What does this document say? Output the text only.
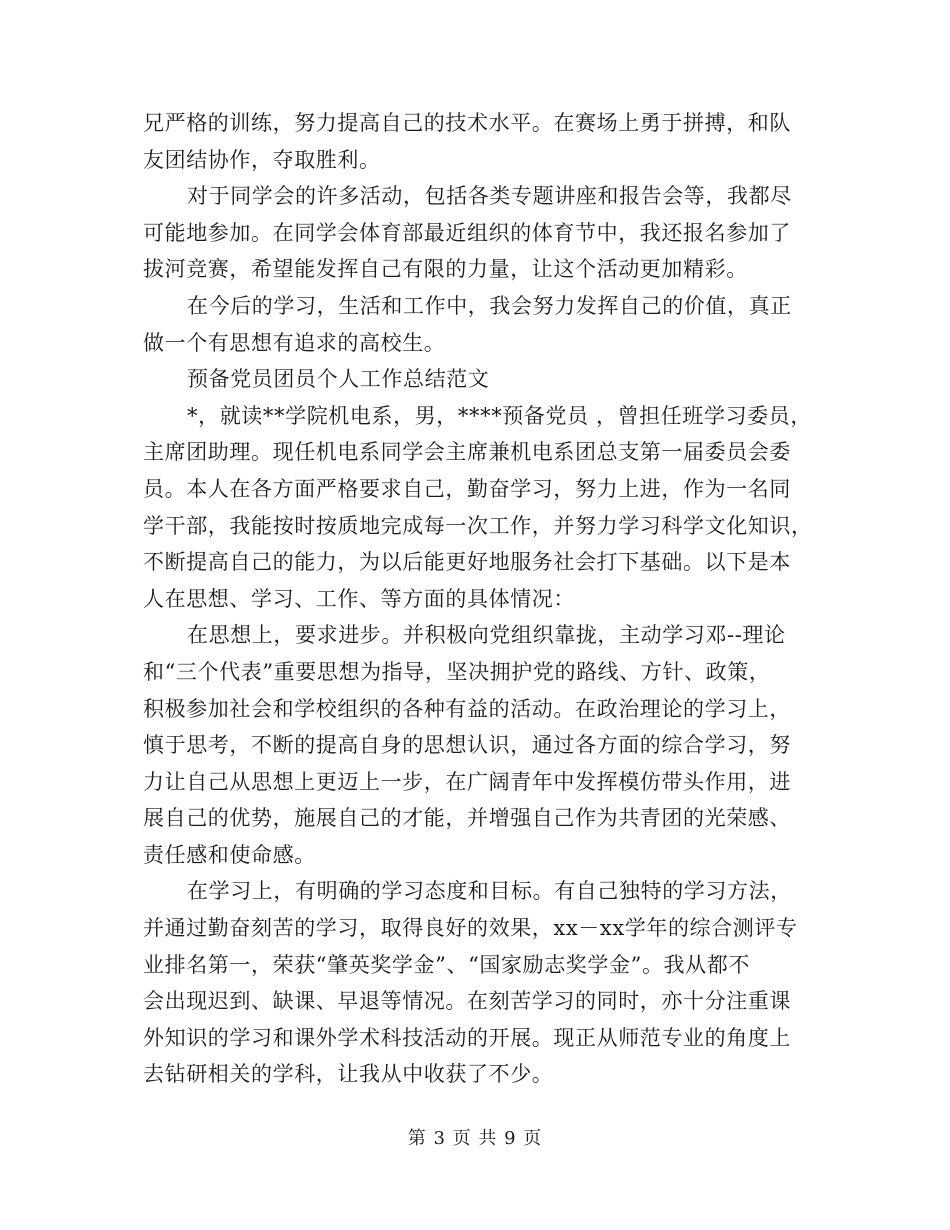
兄严格的训练，努力提高自己的技术水平。在赛场上勇于拼搏，和队
友团结协作，夺取胜利。
对于同学会的许多活动，包括各类专题讲座和报告会等，我都尽
可能地参加。在同学会体育部最近组织的体育节中，我还报名参加了
拔河竞赛，希望能发挥自己有限的力量，让这个活动更加精彩。
在今后的学习，生活和工作中，我会努力发挥自己的价值，真正
做一个有思想有追求的高校生。
预备党员团员个人工作总结范文
*，就读**学院机电系，男，****预备党员 ，曾担任班学习委员，
主席团助理。现任机电系同学会主席兼机电系团总支第一届委员会委
员。本人在各方面严格要求自己，勤奋学习，努力上进，作为一名同
学干部，我能按时按质地完成每一次工作，并努力学习科学文化知识，
不断提高自己的能力，为以后能更好地服务社会打下基础。以下是本
人在思想、学习、工作、等方面的具体情况：
在思想上，要求进步。并积极向党组织靠拢，主动学习邓--理论
和“三个代表”重要思想为指导，坚决拥护党的路线、方针、政策，
积极参加社会和学校组织的各种有益的活动。在政治理论的学习上，
慎于思考，不断的提高自身的思想认识，通过各方面的综合学习，努
力让自己从思想上更迈上一步，在广阔青年中发挥模仿带头作用，进
展自己的优势，施展自己的才能，并增强自己作为共青团的光荣感、
责任感和使命感。
在学习上，有明确的学习态度和目标。有自己独特的学习方法，
并通过勤奋刻苦的学习，取得良好的效果，xx－xx学年的综合测评专
业排名第一，荣获“肇英奖学金”、“国家励志奖学金”。我从都不
会出现迟到、缺课、早退等情况。在刻苦学习的同时，亦十分注重课
外知识的学习和课外学术科技活动的开展。现正从师范专业的角度上
去钻研相关的学科，让我从中收获了不少。
第 3 页 共 9 页
